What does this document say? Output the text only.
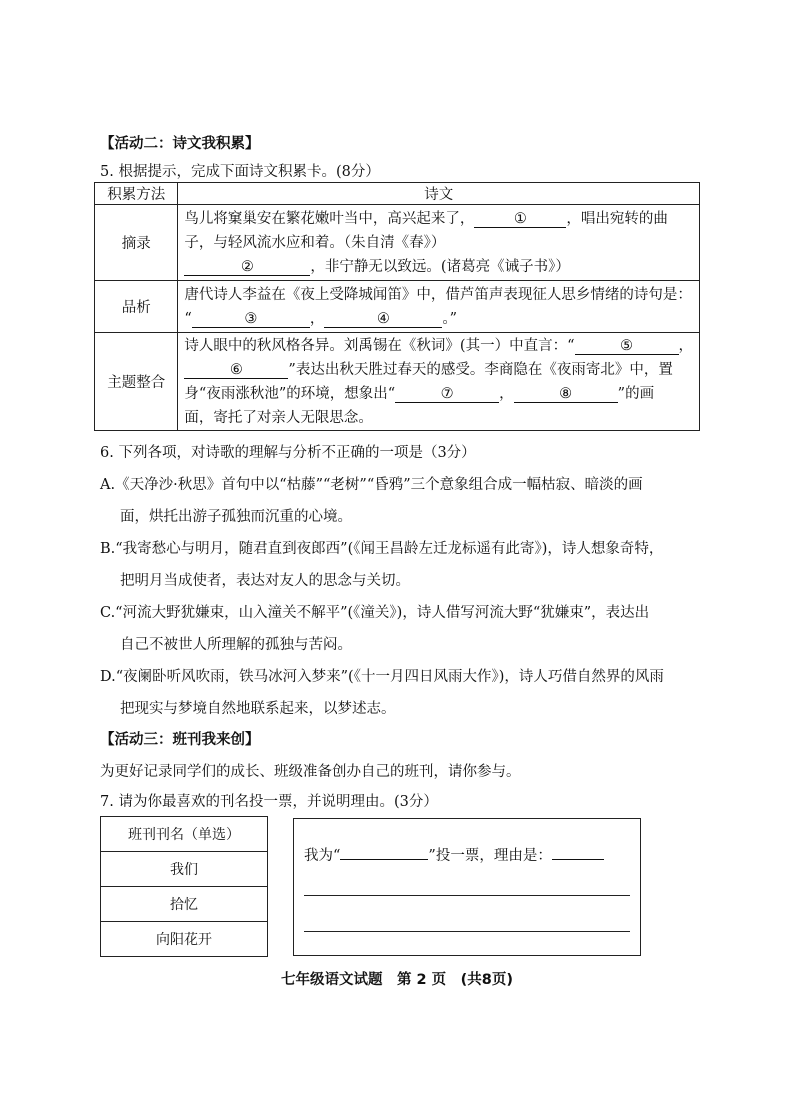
【活动二：诗文我积累】
5. 根据提示，完成下面诗文积累卡。(8分）
积累方法	诗文
摘录	鸟儿将窠巢安在繁花嫩叶当中，高兴起来了， ① ，唱出宛转的曲
子，与轻风流水应和着。（朱自清《春》）
② ，非宁静无以致远。(诸葛亮《诫子书》）

品析	唐代诗人李益在《夜上受降城闻笛》中，借芦笛声表现征人思乡情绪的诗句是：
“ ③ ， ④ 。”

主题整合	诗人眼中的秋风格各异。刘禹锡在《秋词》(其一）中直言：“ ⑤ ，
⑥ ”表达出秋天胜过春天的感受。李商隐在《夜雨寄北》中，置
身“夜雨涨秋池”的环境，想象出“ ⑦ ， ⑧ ”的画
面，寄托了对亲人无限思念。
6. 下列各项，对诗歌的理解与分析不正确的一项是（3分）
A.《天净沙·秋思》首句中以“枯藤”“老树”“昏鸦”三个意象组合成一幅枯寂、暗淡的画
面，烘托出游子孤独而沉重的心境。
B.“我寄愁心与明月，随君直到夜郎西”(《闻王昌龄左迁龙标遥有此寄》)，诗人想象奇特，
把明月当成使者，表达对友人的思念与关切。
C.“河流大野犹嫌束，山入潼关不解平”(《潼关》)，诗人借写河流大野“犹嫌束”，表达出
自己不被世人所理解的孤独与苦闷。
D.“夜阑卧听风吹雨，铁马冰河入梦来”(《十一月四日风雨大作》)，诗人巧借自然界的风雨
把现实与梦境自然地联系起来，以梦述志。
【活动三：班刊我来创】
为更好记录同学们的成长、班级准备创办自己的班刊，请你参与。
7. 请为你最喜欢的刊名投一票，并说明理由。(3分）
班刊刊名（单选）
我们
拾忆
向阳花开
我为“	”投一票，理由是：
七年级语文试题　第 2 页　(共8页)
